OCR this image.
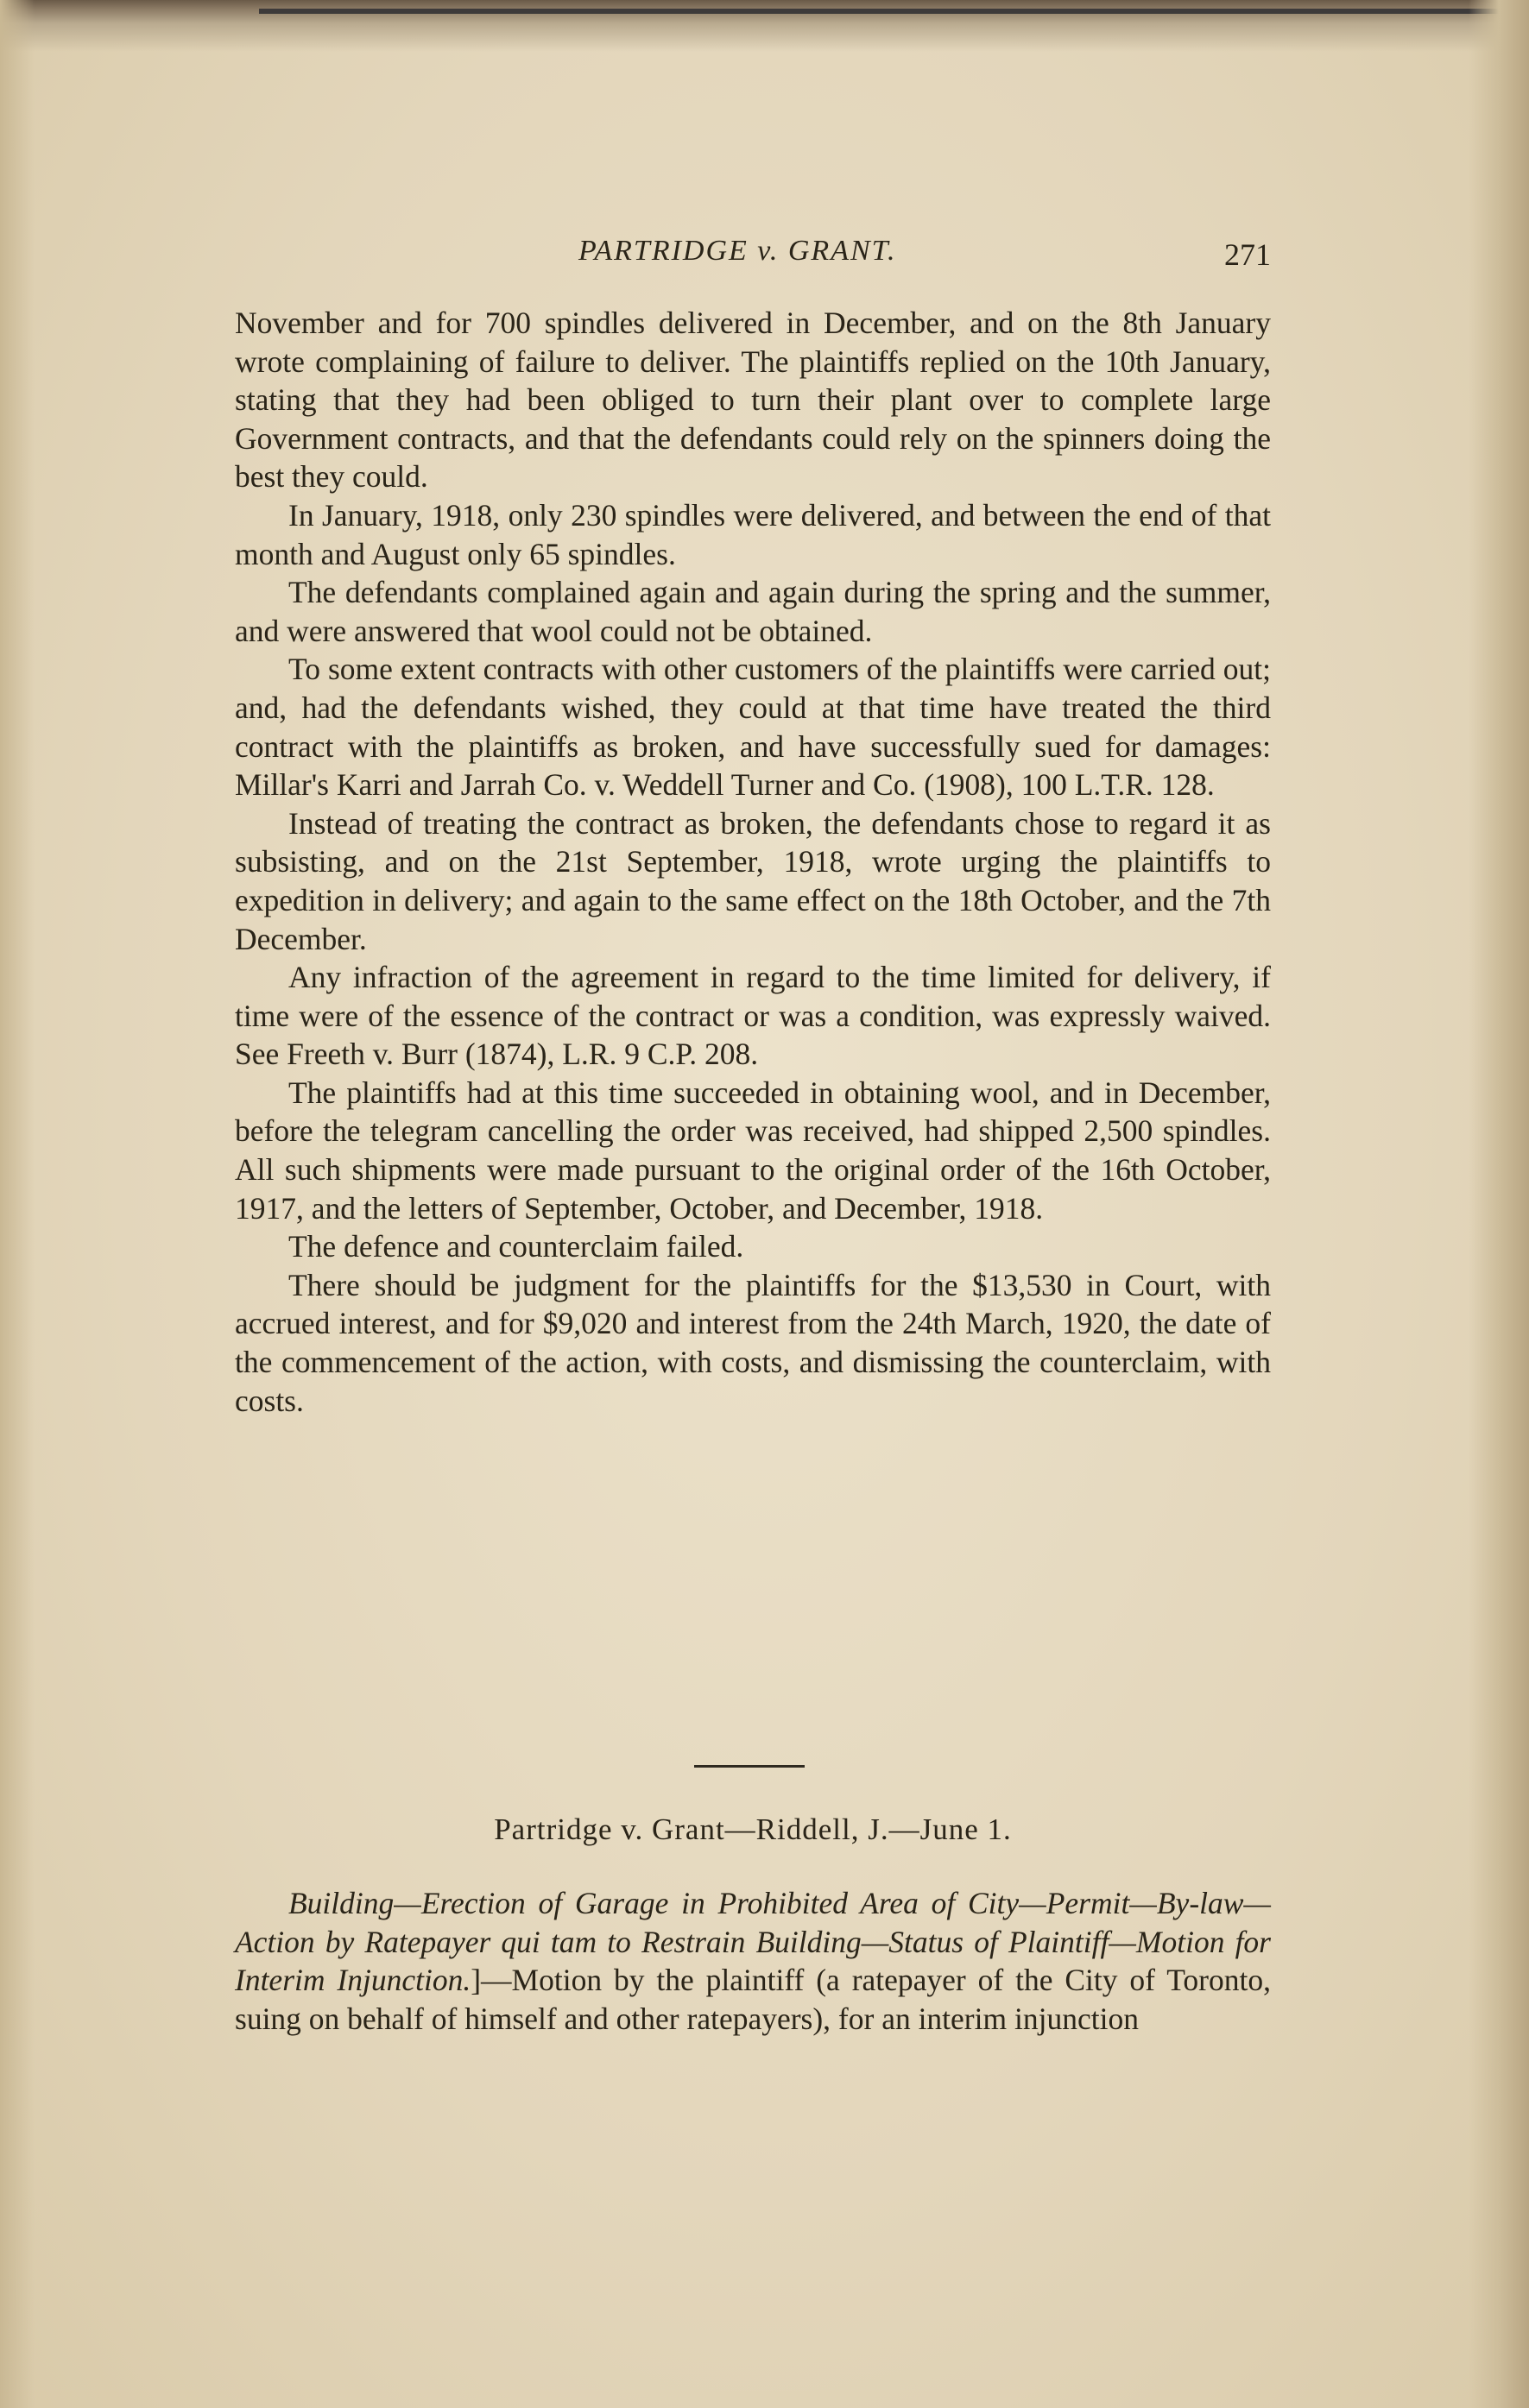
PARTRIDGE v. GRANT.	271

November and for 700 spindles delivered in December, and on the 8th January wrote complaining of failure to deliver. The plaintiffs replied on the 10th January, stating that they had been obliged to turn their plant over to complete large Government contracts, and that the defendants could rely on the spinners doing the best they could.

In January, 1918, only 230 spindles were delivered, and between the end of that month and August only 65 spindles.

The defendants complained again and again during the spring and the summer, and were answered that wool could not be obtained.

To some extent contracts with other customers of the plaintiffs were carried out; and, had the defendants wished, they could at that time have treated the third contract with the plaintiffs as broken, and have successfully sued for damages: Millar's Karri and Jarrah Co. v. Weddell Turner and Co. (1908), 100 L.T.R. 128.

Instead of treating the contract as broken, the defendants chose to regard it as subsisting, and on the 21st September, 1918, wrote urging the plaintiffs to expedition in delivery; and again to the same effect on the 18th October, and the 7th December.

Any infraction of the agreement in regard to the time limited for delivery, if time were of the essence of the contract or was a condition, was expressly waived. See Freeth v. Burr (1874), L.R. 9 C.P. 208.

The plaintiffs had at this time succeeded in obtaining wool, and in December, before the telegram cancelling the order was received, had shipped 2,500 spindles. All such shipments were made pursuant to the original order of the 16th October, 1917, and the letters of September, October, and December, 1918.

The defence and counterclaim failed.

There should be judgment for the plaintiffs for the $13,530 in Court, with accrued interest, and for $9,020 and interest from the 24th March, 1920, the date of the commencement of the action, with costs, and dismissing the counterclaim, with costs.

Partridge v. Grant—Riddell, J.—June 1.

Building—Erection of Garage in Prohibited Area of City—Permit—By-law—Action by Ratepayer qui tam to Restrain Building—Status of Plaintiff—Motion for Interim Injunction.]—Motion by the plaintiff (a ratepayer of the City of Toronto, suing on behalf of himself and other ratepayers), for an interim injunction
